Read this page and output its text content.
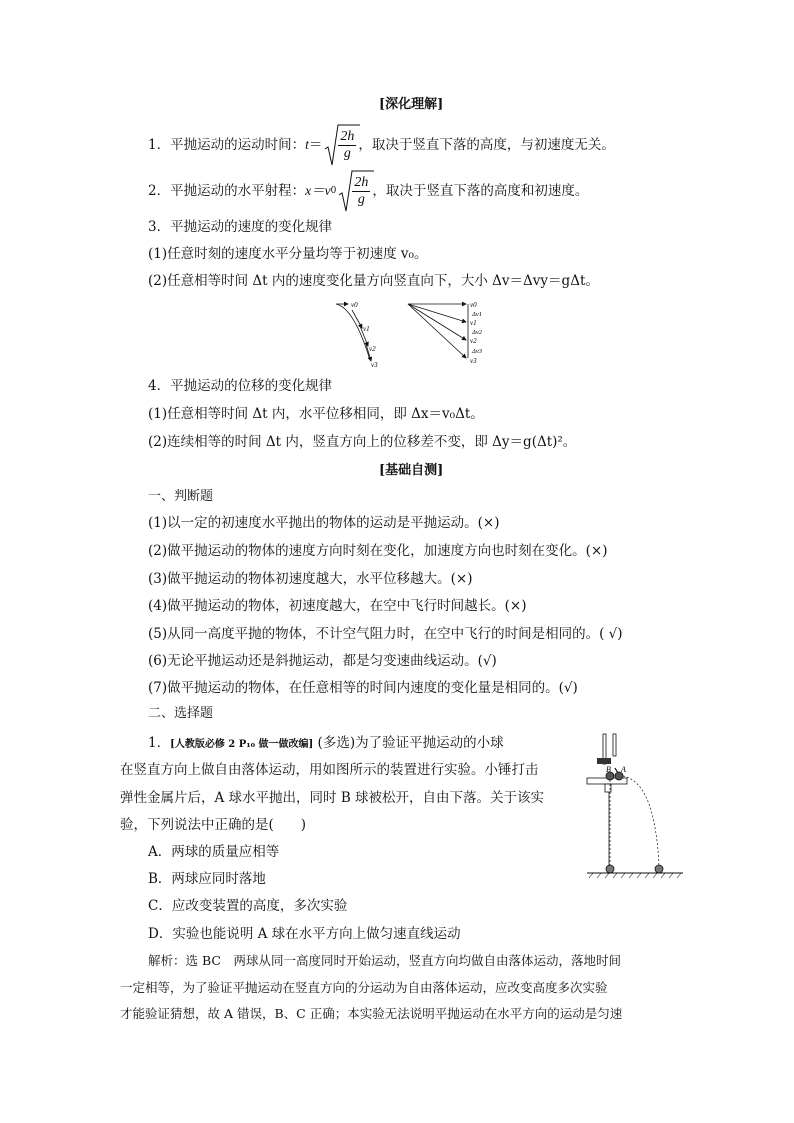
[深化理解]
1．平抛运动的运动时间： $t = \frac{2h}{g}$ ，取决于竖直下落的高度，与初速度无关。
2．平抛运动的水平射程： x ＝v $0 \frac{2h}{g}$ ，取决于竖直下落的高度和初速度。
3．平抛运动的速度的变化规律
(1)任意时刻的速度水平分量均等于初速度 v₀。
(2)任意相等时间 Δt 内的速度变化量方向竖直向下，大小 Δv＝Δvy＝gΔt。
v0
v1
v2
v3
v0
Δv1
v1
Δv2
v2
Δv3
v3
4．平抛运动的位移的变化规律
(1)任意相等时间 Δt 内，水平位移相同，即 Δx＝v₀Δt。
(2)连续相等的时间 Δt 内，竖直方向上的位移差不变，即 Δy＝g(Δt)²。
[基础自测]
一、判断题
(1)以一定的初速度水平抛出的物体的运动是平抛运动。(×)
(2)做平抛运动的物体的速度方向时刻在变化，加速度方向也时刻在变化。(×)
(3)做平抛运动的物体初速度越大，水平位移越大。(×)
(4)做平抛运动的物体，初速度越大，在空中飞行时间越长。(×)
(5)从同一高度平抛的物体，不计空气阻力时，在空中飞行的时间是相同的。( √)
(6)无论平抛运动还是斜抛运动，都是匀变速曲线运动。(√)
(7)做平抛运动的物体，在任意相等的时间内速度的变化量是相同的。(√)
二、选择题
1．[人教版必修 2 P₁₀ 做一做改编] (多选)为了验证平抛运动的小球
在竖直方向上做自由落体运动，用如图所示的装置进行实验。小锤打击
弹性金属片后，A 球水平抛出，同时 B 球被松开，自由下落。关于该实
验，下列说法中正确的是(　　)
A．两球的质量应相等
B．两球应同时落地
C．应改变装置的高度，多次实验
D．实验也能说明 A 球在水平方向上做匀速直线运动
B A
解析：选 BC　两球从同一高度同时开始运动，竖直方向均做自由落体运动，落地时间
一定相等，为了验证平抛运动在竖直方向的分运动为自由落体运动，应改变高度多次实验
才能验证猜想，故 A 错误，B、C 正确；本实验无法说明平抛运动在水平方向的运动是匀速
